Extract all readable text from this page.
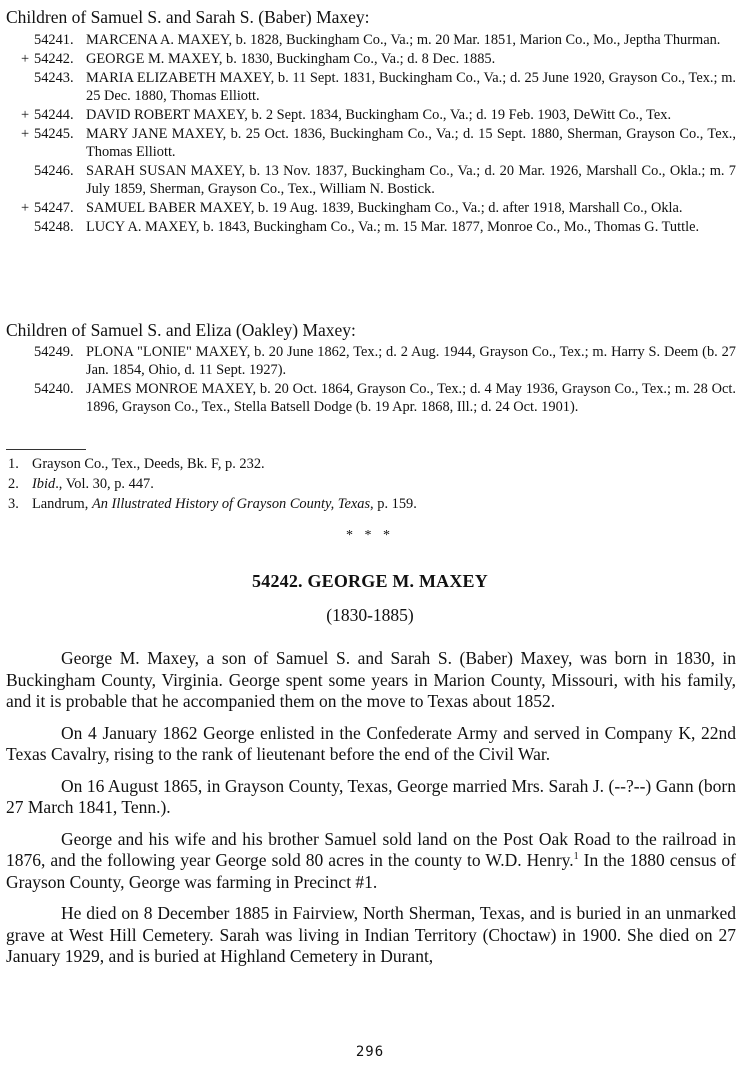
Children of Samuel S. and Sarah S. (Baber) Maxey:
54241. MARCENA A. MAXEY, b. 1828, Buckingham Co., Va.; m. 20 Mar. 1851, Marion Co., Mo., Jeptha Thurman.
+ 54242. GEORGE M. MAXEY, b. 1830, Buckingham Co., Va.; d. 8 Dec. 1885.
54243. MARIA ELIZABETH MAXEY, b. 11 Sept. 1831, Buckingham Co., Va.; d. 25 June 1920, Grayson Co., Tex.; m. 25 Dec. 1880, Thomas Elliott.
+ 54244. DAVID ROBERT MAXEY, b. 2 Sept. 1834, Buckingham Co., Va.; d. 19 Feb. 1903, DeWitt Co., Tex.
+ 54245. MARY JANE MAXEY, b. 25 Oct. 1836, Buckingham Co., Va.; d. 15 Sept. 1880, Sherman, Grayson Co., Tex., Thomas Elliott.
54246. SARAH SUSAN MAXEY, b. 13 Nov. 1837, Buckingham Co., Va.; d. 20 Mar. 1926, Marshall Co., Okla.; m. 7 July 1859, Sherman, Grayson Co., Tex., William N. Bostick.
+ 54247. SAMUEL BABER MAXEY, b. 19 Aug. 1839, Buckingham Co., Va.; d. after 1918, Marshall Co., Okla.
54248. LUCY A. MAXEY, b. 1843, Buckingham Co., Va.; m. 15 Mar. 1877, Monroe Co., Mo., Thomas G. Tuttle.
Children of Samuel S. and Eliza (Oakley) Maxey:
54249. PLONA "LONIE" MAXEY, b. 20 June 1862, Tex.; d. 2 Aug. 1944, Grayson Co., Tex.; m. Harry S. Deem (b. 27 Jan. 1854, Ohio, d. 11 Sept. 1927).
54240. JAMES MONROE MAXEY, b. 20 Oct. 1864, Grayson Co., Tex.; d. 4 May 1936, Grayson Co., Tex.; m. 28 Oct. 1896, Grayson Co., Tex., Stella Batsell Dodge (b. 19 Apr. 1868, Ill.; d. 24 Oct. 1901).
1.Grayson Co., Tex., Deeds, Bk. F, p. 232.
2.Ibid., Vol. 30, p. 447.
3.Landrum, An Illustrated History of Grayson County, Texas, p. 159.
* * *
54242. GEORGE M. MAXEY
(1830-1885)

George M. Maxey, a son of Samuel S. and Sarah S. (Baber) Maxey, was born in 1830, in Buckingham County, Virginia. George spent some years in Marion County, Missouri, with his family, and it is probable that he accompanied them on the move to Texas about 1852.

On 4 January 1862 George enlisted in the Confederate Army and served in Company K, 22nd Texas Cavalry, rising to the rank of lieutenant before the end of the Civil War.

On 16 August 1865, in Grayson County, Texas, George married Mrs. Sarah J. (--?--) Gann (born 27 March 1841, Tenn.).

George and his wife and his brother Samuel sold land on the Post Oak Road to the railroad in 1876, and the following year George sold 80 acres in the county to W.D. Henry.$^1$ In the 1880 census of Grayson County, George was farming in Precinct #1.

He died on 8 December 1885 in Fairview, North Sherman, Texas, and is buried in an unmarked grave at West Hill Cemetery. Sarah was living in Indian Territory (Choctaw) in 1900. She died on 27 January 1929, and is buried at Highland Cemetery in Durant,

296
